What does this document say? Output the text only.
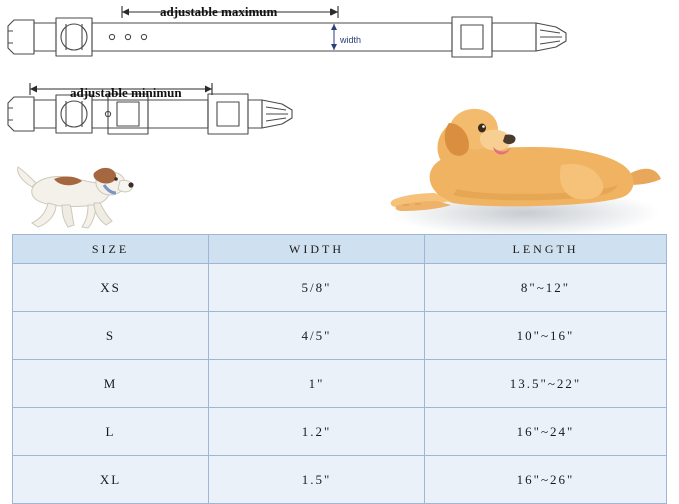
adjustable maximum
adjustable minimun
width
SIZE	WIDTH	LENGTH
XS	5/8"	8"~12"
S	4/5"	10"~16"
M	1"	13.5"~22"
L	1.2"	16"~24"
XL	1.5"	16"~26"
